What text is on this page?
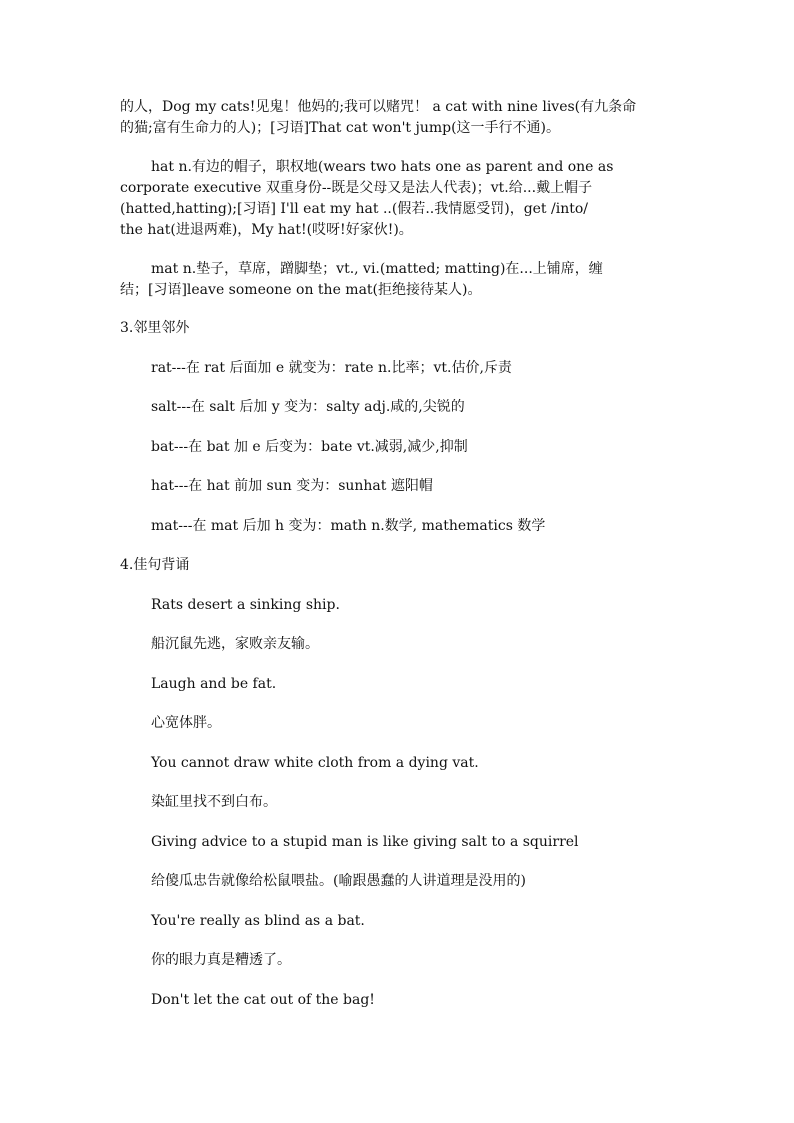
的人，Dog my cats!见鬼！他妈的;我可以赌咒！ a cat with nine lives(有九条命
的猫;富有生命力的人)；[习语]That cat won't jump(这一手行不通)。
hat n.有边的帽子，职权地(wears two hats one as parent and one as
corporate executive 双重身份--既是父母又是法人代表)；vt.给...戴上帽子
(hatted,hatting);[习语] I'll eat my hat ..(假若..我情愿受罚)，get /into/
the hat(进退两难)，My hat!(哎呀!好家伙!)。
mat n.垫子，草席，蹭脚垫；vt., vi.(matted; matting)在...上铺席，缠
结；[习语]leave someone on the mat(拒绝接待某人)。
3.邻里邻外
rat---在 rat 后面加 e 就变为：rate n.比率；vt.估价,斥责
salt---在 salt 后加 y 变为：salty adj.咸的,尖锐的
bat---在 bat 加 e 后变为：bate vt.减弱,减少,抑制
hat---在 hat 前加 sun 变为：sunhat 遮阳帽
mat---在 mat 后加 h 变为：math n.数学, mathematics 数学
4.佳句背诵
Rats desert a sinking ship.
船沉鼠先逃，家败亲友输。
Laugh and be fat.
心宽体胖。
You cannot draw white cloth from a dying vat.
染缸里找不到白布。
Giving advice to a stupid man is like giving salt to a squirrel
给傻瓜忠告就像给松鼠喂盐。(喻跟愚蠢的人讲道理是没用的)
You're really as blind as a bat.
你的眼力真是糟透了。
Don't let the cat out of the bag!
